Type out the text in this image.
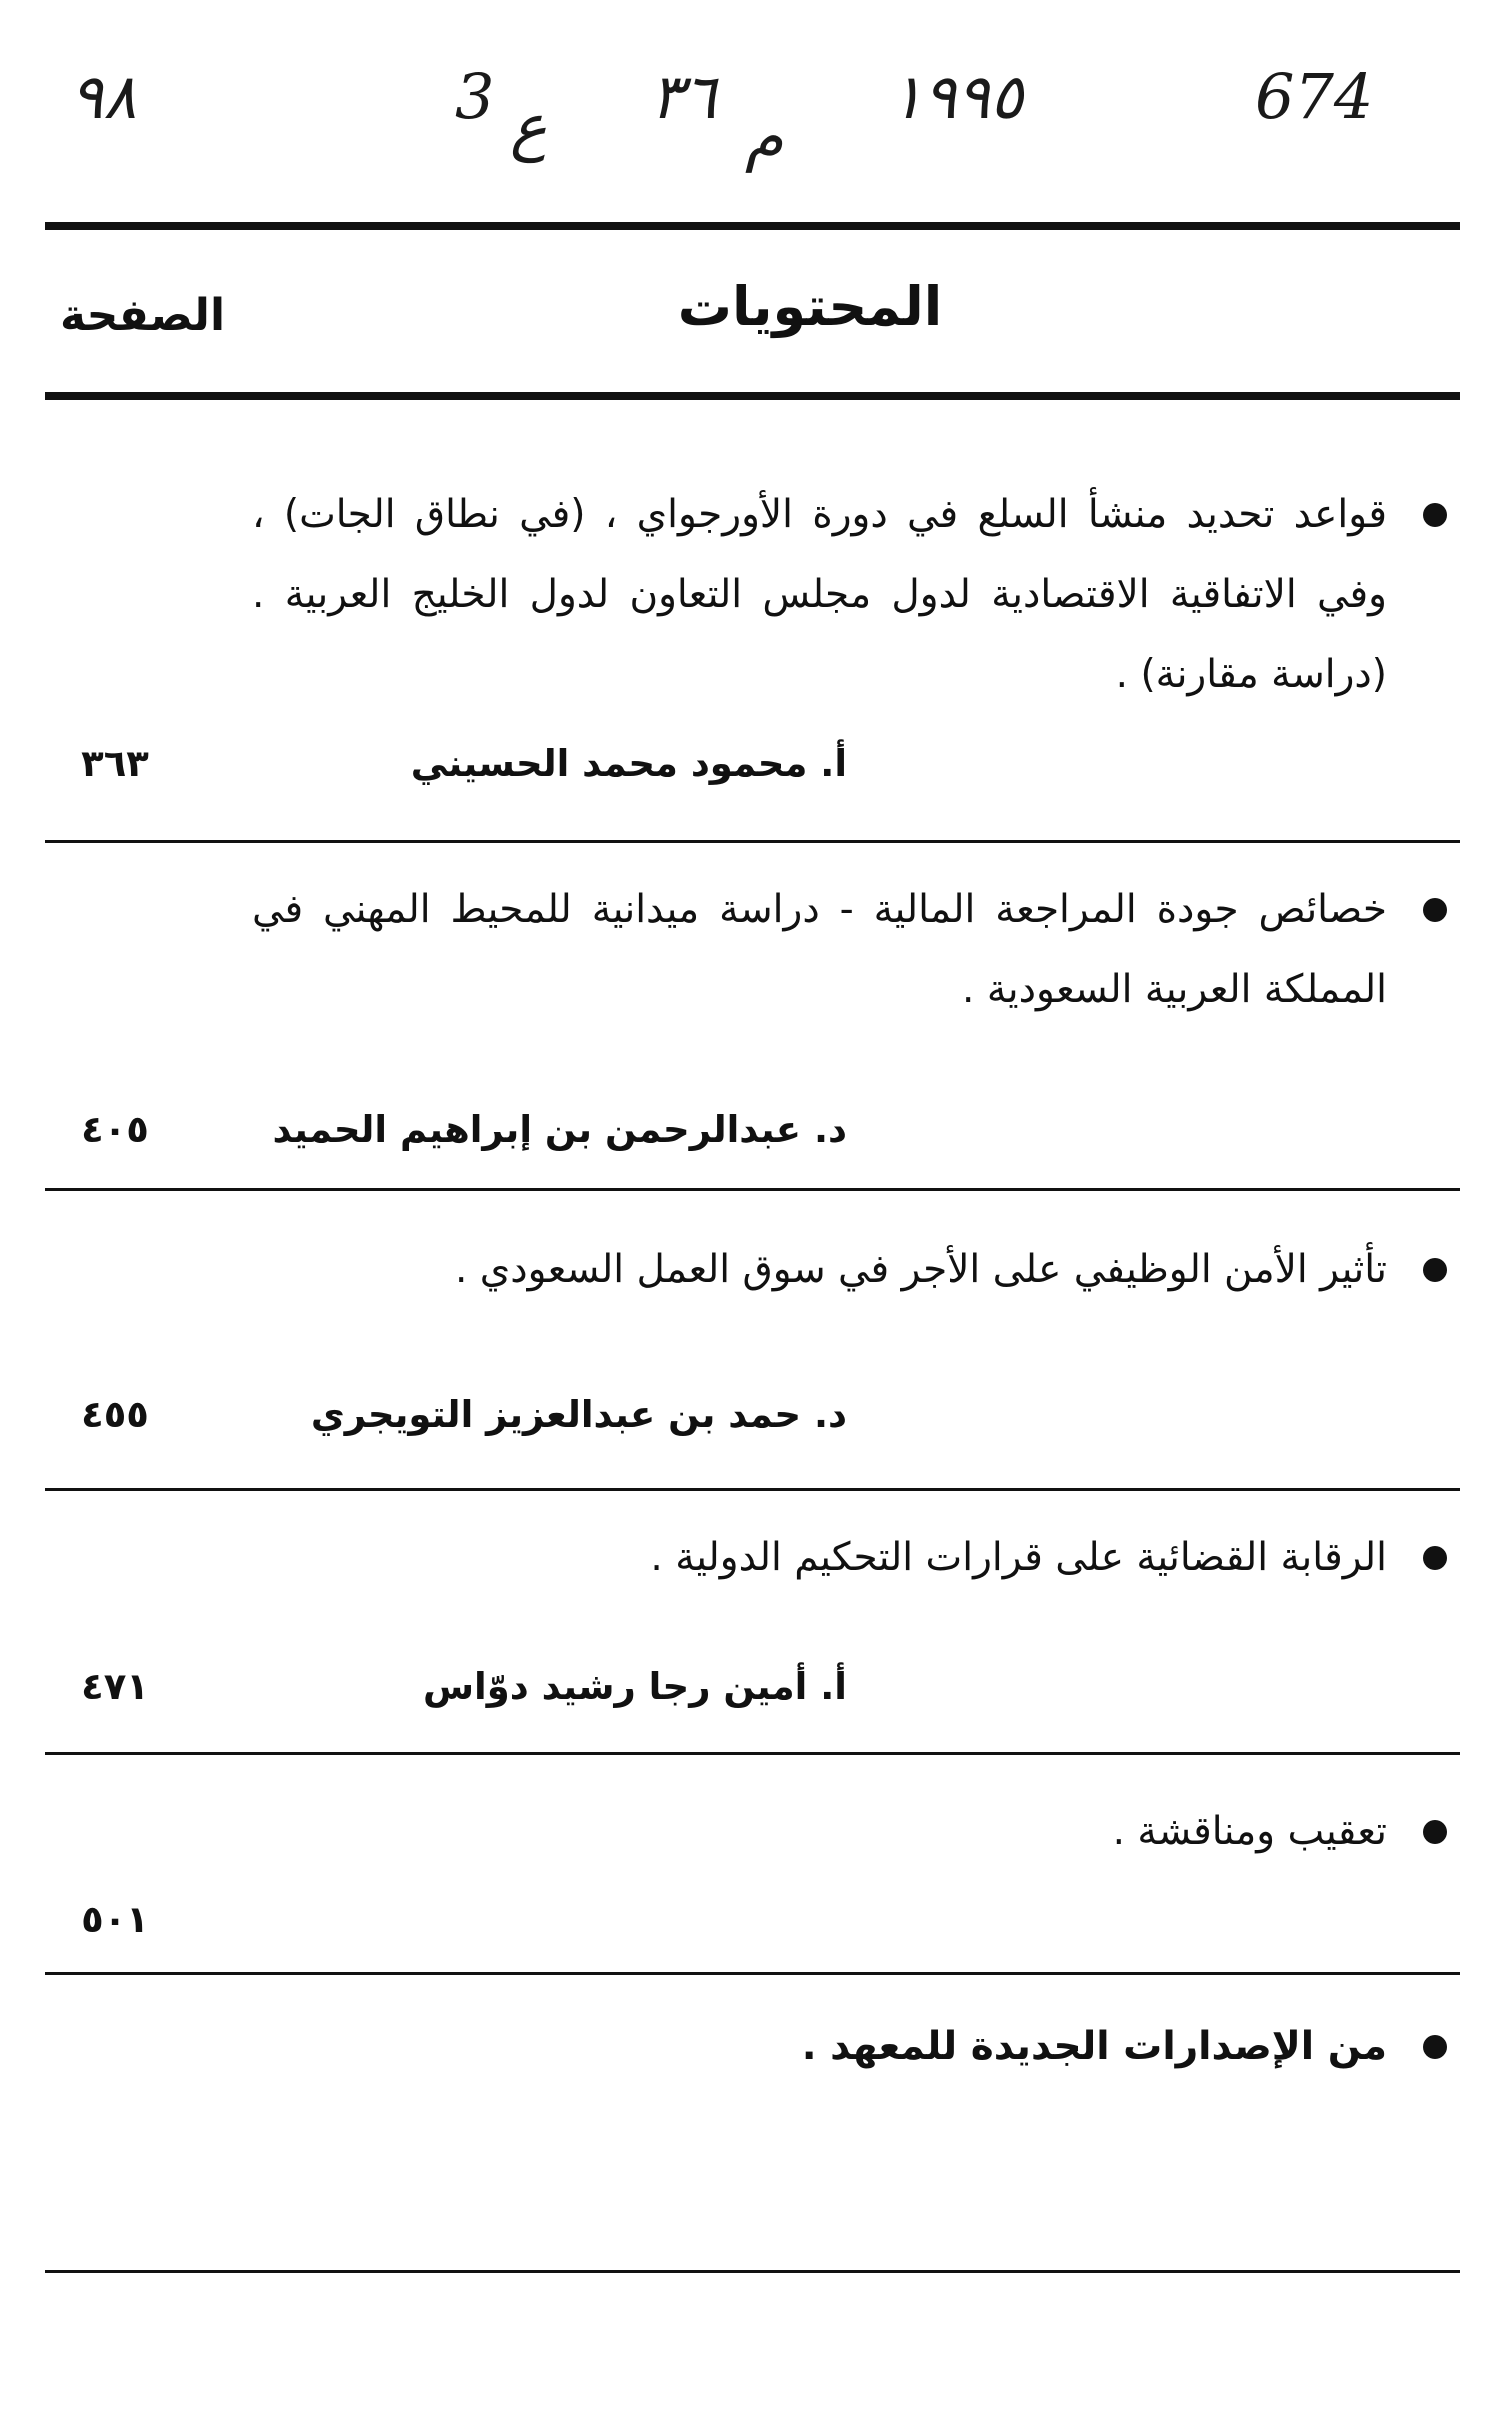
٩٨	3 ع ٣٦
م
١٩٩٥	674
المحتويات
الصفحة
قواعد تحديد منشأ السلع في دورة الأورجواي ، (في نطاق الجات) ، وفي الاتفاقية الاقتصادية لدول مجلس التعاون لدول الخليج العربية . (دراسة مقارنة) .
أ. محمود محمد الحسيني
٣٦٣
خصائص جودة المراجعة المالية - دراسة ميدانية للمحيط المهني في المملكة العربية السعودية .
د. عبدالرحمن بن إبراهيم الحميد
٤٠٥
تأثير الأمن الوظيفي على الأجر في سوق العمل السعودي .
د. حمد بن عبدالعزيز التويجري
٤٥٥
الرقابة القضائية على قرارات التحكيم الدولية .
أ. أمين رجا رشيد دوّاس
٤٧١
تعقيب ومناقشة .
٥٠١
من الإصدارات الجديدة للمعهد .
